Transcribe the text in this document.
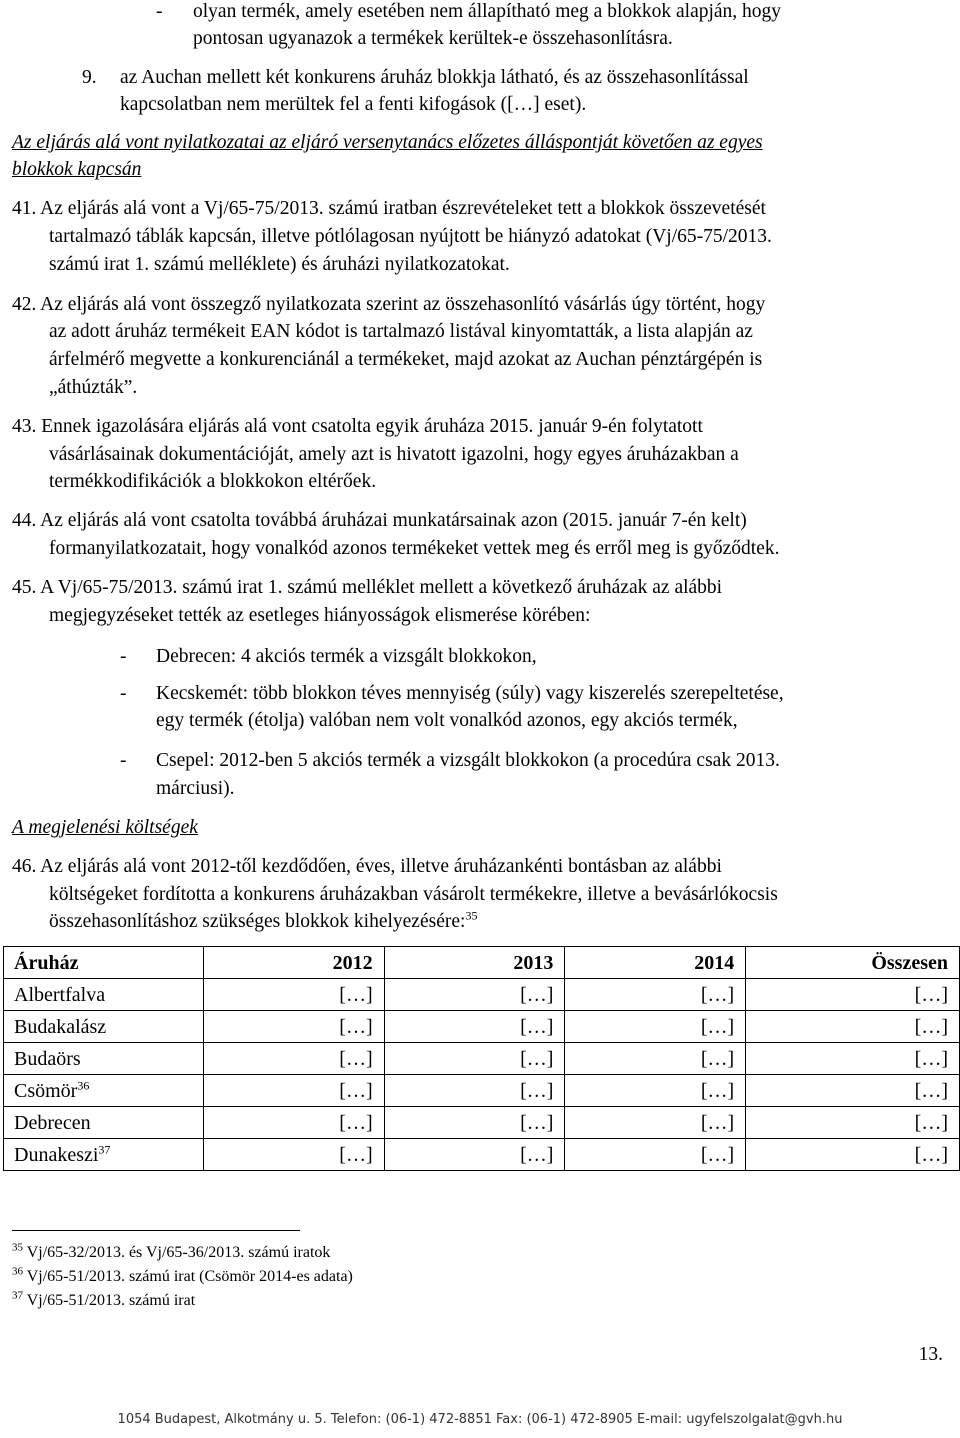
- olyan termék, amely esetében nem állapítható meg a blokkok alapján, hogy
pontosan ugyanazok a termékek kerültek-e összehasonlításra.
9. az Auchan mellett két konkurens áruház blokkja látható, és az összehasonlítással
kapcsolatban nem merültek fel a fenti kifogások ([…] eset).
Az eljárás alá vont nyilatkozatai az eljáró versenytanács előzetes álláspontját követően az egyes
blokkok kapcsán
41. Az eljárás alá vont a Vj/65-75/2013. számú iratban észrevételeket tett a blokkok összevetését
tartalmazó táblák kapcsán, illetve pótlólagosan nyújtott be hiányzó adatokat (Vj/65-75/2013.
számú irat 1. számú melléklete) és áruházi nyilatkozatokat.
42. Az eljárás alá vont összegző nyilatkozata szerint az összehasonlító vásárlás úgy történt, hogy
az adott áruház termékeit EAN kódot is tartalmazó listával kinyomtatták, a lista alapján az
árfelmérő megvette a konkurenciánál a termékeket, majd azokat az Auchan pénztárgépén is
„áthúzták”.
43. Ennek igazolására eljárás alá vont csatolta egyik áruháza 2015. január 9-én folytatott
vásárlásainak dokumentációját, amely azt is hivatott igazolni, hogy egyes áruházakban a
termékkodifikációk a blokkokon eltérőek.
44. Az eljárás alá vont csatolta továbbá áruházai munkatársainak azon (2015. január 7-én kelt)
formanyilatkozatait, hogy vonalkód azonos termékeket vettek meg és erről meg is győződtek.
45. A Vj/65-75/2013. számú irat 1. számú melléklet mellett a következő áruházak az alábbi
megjegyzéseket tették az esetleges hiányosságok elismerése körében:
- Debrecen: 4 akciós termék a vizsgált blokkokon,
- Kecskemét: több blokkon téves mennyiség (súly) vagy kiszerelés szerepeltetése,
egy termék (étolja) valóban nem volt vonalkód azonos, egy akciós termék,
- Csepel: 2012-ben 5 akciós termék a vizsgált blokkokon (a procedúra csak 2013.
márciusi).
A megjelenési költségek
46. Az eljárás alá vont 2012-től kezdődően, éves, illetve áruházankénti bontásban az alábbi
költségeket fordította a konkurens áruházakban vásárolt termékekre, illetve a bevásárlókocsis
összehasonlításhoz szükséges blokkok kihelyezésére:$^{35}$
Áruház	2012	2013	2014	Összesen
Albertfalva	[…]	[…]	[…]	[…]
Budakalász	[…]	[…]	[…]	[…]
Budaörs	[…]	[…]	[…]	[…]
Csömör$^{36}$	[…]	[…]	[…]	[…]
Debrecen	[…]	[…]	[…]	[…]
Dunakeszi$^{37}$	[…]	[…]	[…]	[…]
$^{35}$ Vj/65-32/2013. és Vj/65-36/2013. számú iratok
$^{36}$ Vj/65-51/2013. számú irat (Csömör 2014-es adata)
$^{37}$ Vj/65-51/2013. számú irat
13.
1054 Budapest, Alkotmány u. 5. Telefon: (06-1) 472-8851 Fax: (06-1) 472-8905 E-mail: ugyfelszolgalat@gvh.hu
